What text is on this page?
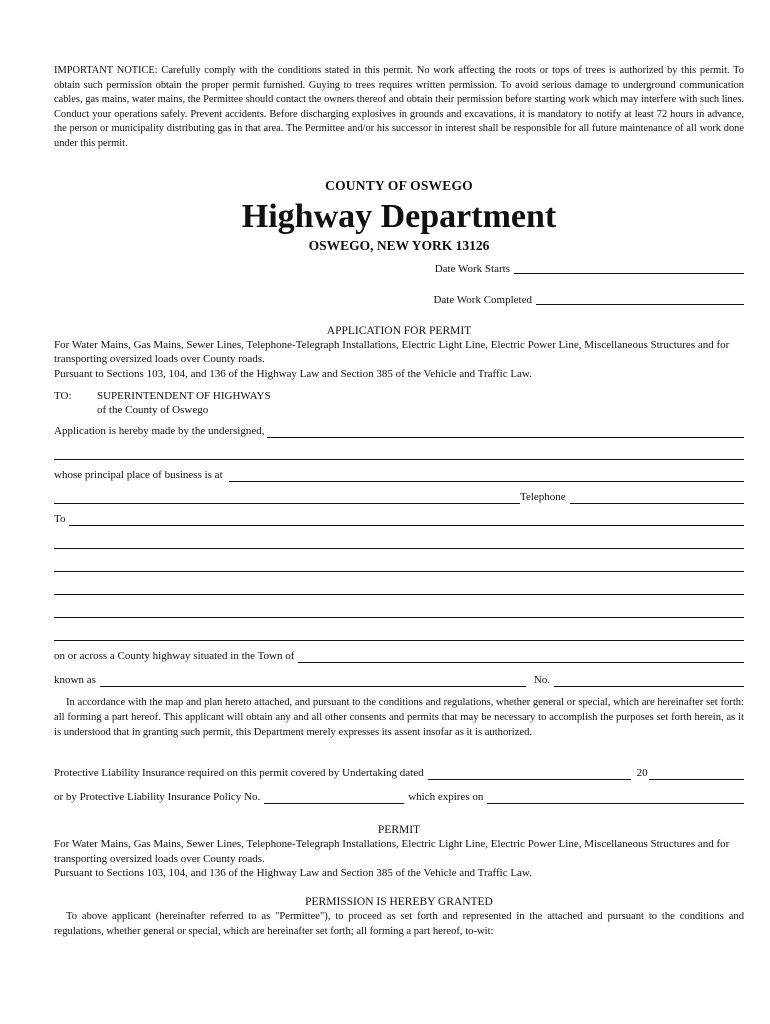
IMPORTANT NOTICE: Carefully comply with the conditions stated in this permit. No work affecting the roots or tops of trees is authorized by this permit. To obtain such permission obtain the proper permit furnished. Guying to trees requires written permission. To avoid serious damage to underground communication cables, gas mains, water mains, the Permittee should contact the owners thereof and obtain their permission before starting work which may interfere with such lines. Conduct your operations safely. Prevent accidents. Before discharging explosives in grounds and excavations, it is mandatory to notify at least 72 hours in advance, the person or municipality distributing gas in that area. The Permittee and/or his successor in interest shall be responsible for all future maintenance of all work done under this permit.
COUNTY OF OSWEGO
Highway Department
OSWEGO, NEW YORK 13126
Date Work Starts
Date Work Completed
APPLICATION FOR PERMIT
For Water Mains, Gas Mains, Sewer Lines, Telephone-Telegraph Installations, Electric Light Line, Electric Power Line, Miscellaneous Structures and for transporting oversized loads over County roads.
Pursuant to Sections 103, 104, and 136 of the Highway Law and Section 385 of the Vehicle and Traffic Law.
TO:	SUPERINTENDENT OF HIGHWAYS
of the County of Oswego
Application is hereby made by the undersigned,
whose principal place of business is at
Telephone
To
on or across a County highway situated in the Town of
known as	No.
In accordance with the map and plan hereto attached, and pursuant to the conditions and regulations, whether general or special, which are hereinafter set forth: all forming a part hereof. This applicant will obtain any and all other consents and permits that may be necessary to accomplish the purposes set forth herein, as it is understood that in granting such permit, this Department merely expresses its assent insofar as it is authorized.
Protective Liability Insurance required on this permit covered by Undertaking dated	20
or by Protective Liability Insurance Policy No.	which expires on
PERMIT
For Water Mains, Gas Mains, Sewer Lines, Telephone-Telegraph Installations, Electric Light Line, Electric Power Line, Miscellaneous Structures and for transporting oversized loads over County roads.
Pursuant to Sections 103, 104, and 136 of the Highway Law and Section 385 of the Vehicle and Traffic Law.
PERMISSION IS HEREBY GRANTED
To above applicant (hereinafter referred to as "Permittee"), to proceed as set forth and represented in the attached and pursuant to the conditions and regulations, whether general or special, which are hereinafter set forth; all forming a part hereof, to-wit:
